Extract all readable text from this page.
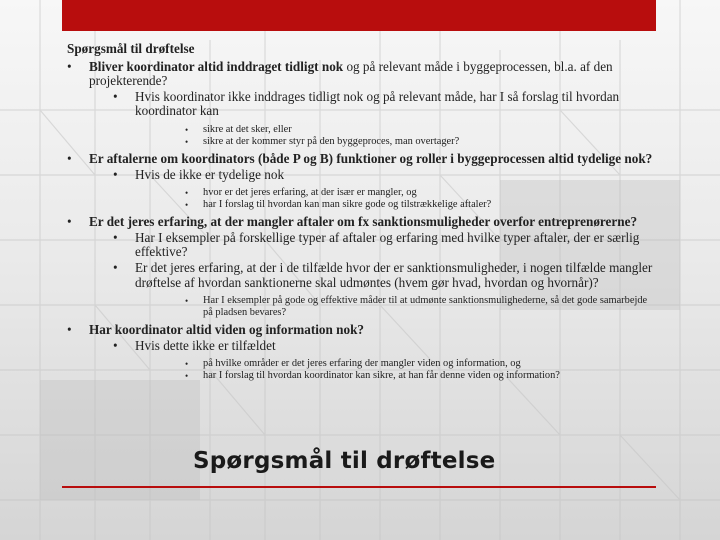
Spørgsmål til drøftelse
• Bliver koordinator altid inddraget tidligt nok og på relevant måde i byggeprocessen, bl.a. af den projekterende?
• Hvis koordinator ikke inddrages tidligt nok og på relevant måde, har I så forslag til hvordan koordinator kan
• sikre at det sker, eller
• sikre at der kommer styr på den byggeproces, man overtager?
• Er aftalerne om koordinators (både P og B) funktioner og roller i byggeprocessen altid tydelige nok?
• Hvis de ikke er tydelige nok
• hvor er det jeres erfaring, at der især er mangler, og
• har I forslag til hvordan kan man sikre gode og tilstrækkelige aftaler?
• Er det jeres erfaring, at der mangler aftaler om fx sanktionsmuligheder overfor entreprenørerne?
• Har I eksempler på forskellige typer af aftaler og erfaring med hvilke typer aftaler, der er særlig effektive?
• Er det jeres erfaring, at der i de tilfælde hvor der er sanktionsmuligheder, i nogen tilfælde mangler drøftelse af hvordan sanktionerne skal udmøntes (hvem gør hvad, hvordan og hvornår)?
• Har I eksempler på gode og effektive måder til at udmønte sanktionsmulighederne, så det gode samarbejde på pladsen bevares?
• Har koordinator altid viden og information nok?
• Hvis dette ikke er tilfældet
• på hvilke områder er det jeres erfaring der mangler viden og information, og
• har I forslag til hvordan koordinator kan sikre, at han får denne viden og information?
Spørgsmål til drøftelse
